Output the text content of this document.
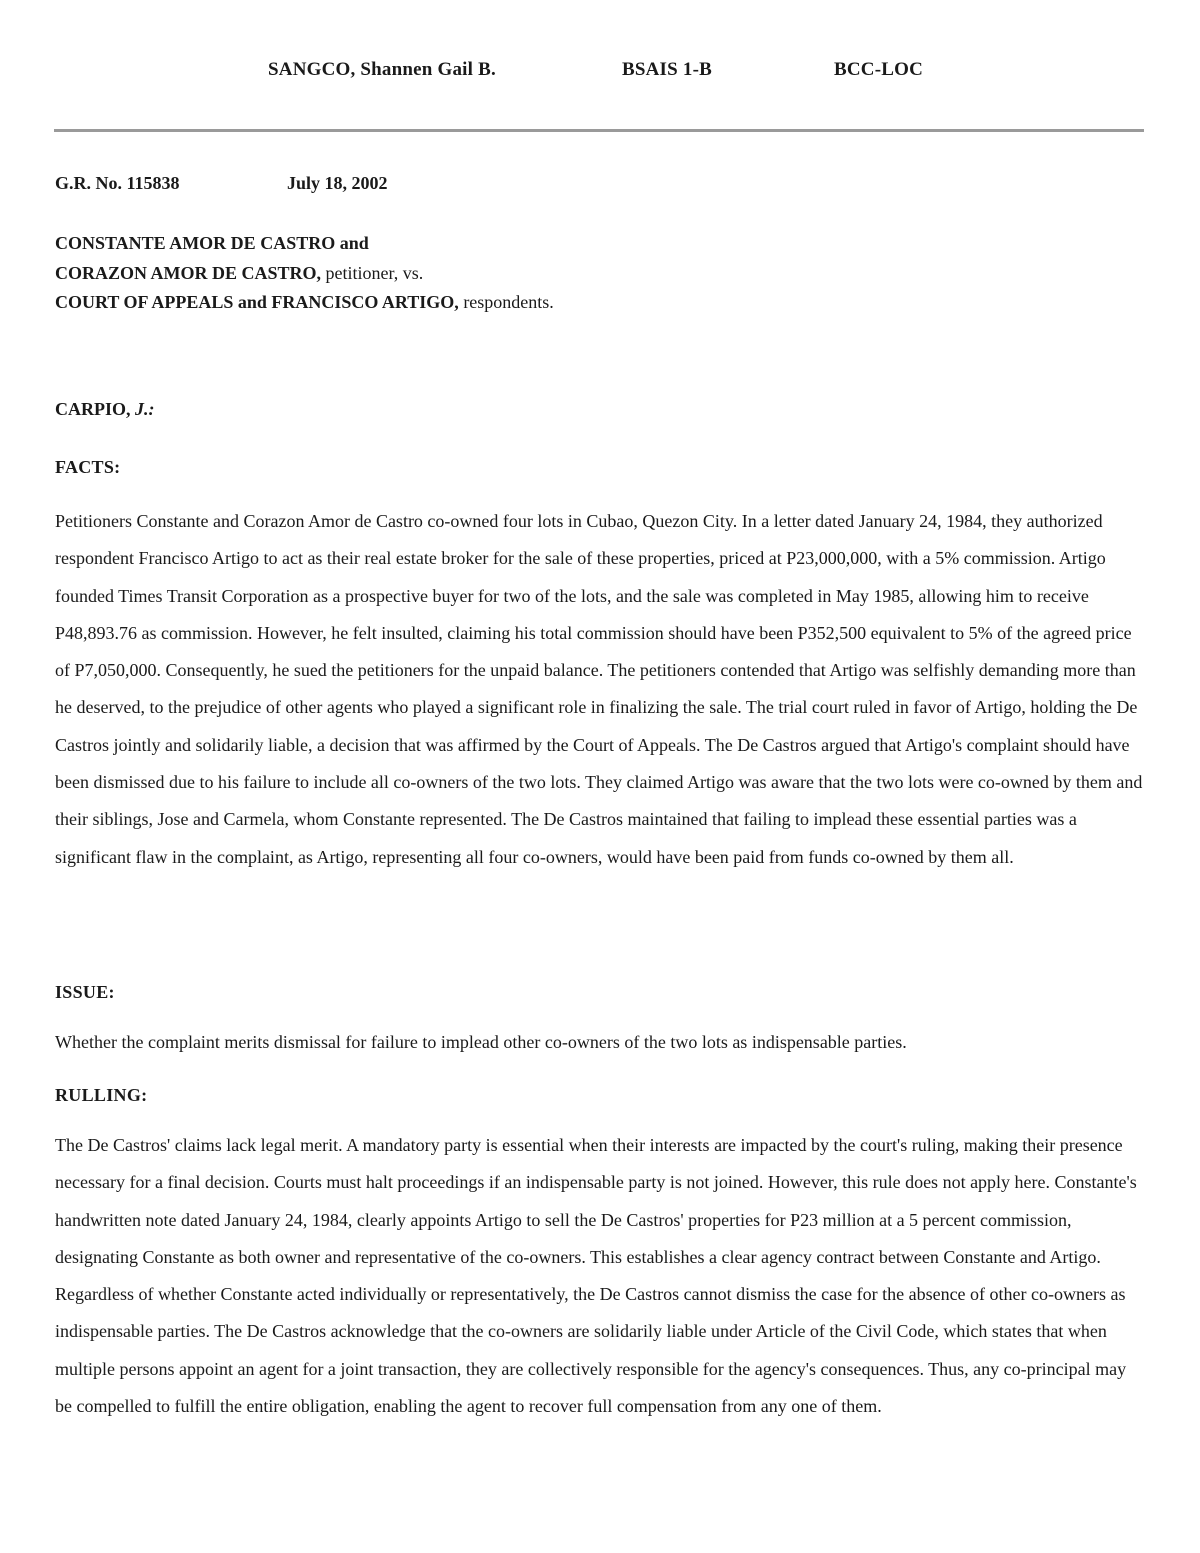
SANGCO, Shannen Gail B.	BSAIS 1-B	BCC-LOC
G.R. No. 115838	July 18, 2002
CONSTANTE AMOR DE CASTRO and
CORAZON AMOR DE CASTRO, petitioner, vs.
COURT OF APPEALS and FRANCISCO ARTIGO, respondents.
CARPIO, J.:
FACTS:
Petitioners Constante and Corazon Amor de Castro co-owned four lots in Cubao, Quezon City. In a letter dated January 24, 1984, they authorized respondent Francisco Artigo to act as their real estate broker for the sale of these properties, priced at P23,000,000, with a 5% commission. Artigo founded Times Transit Corporation as a prospective buyer for two of the lots, and the sale was completed in May 1985, allowing him to receive P48,893.76 as commission. However, he felt insulted, claiming his total commission should have been P352,500 equivalent to 5% of the agreed price of P7,050,000. Consequently, he sued the petitioners for the unpaid balance. The petitioners contended that Artigo was selfishly demanding more than he deserved, to the prejudice of other agents who played a significant role in finalizing the sale. The trial court ruled in favor of Artigo, holding the De Castros jointly and solidarily liable, a decision that was affirmed by the Court of Appeals. The De Castros argued that Artigo's complaint should have been dismissed due to his failure to include all co-owners of the two lots. They claimed Artigo was aware that the two lots were co-owned by them and their siblings, Jose and Carmela, whom Constante represented. The De Castros maintained that failing to implead these essential parties was a significant flaw in the complaint, as Artigo, representing all four co-owners, would have been paid from funds co-owned by them all.
ISSUE:
Whether the complaint merits dismissal for failure to implead other co-owners of the two lots as indispensable parties.
RULLING:
The De Castros' claims lack legal merit. A mandatory party is essential when their interests are impacted by the court's ruling, making their presence necessary for a final decision. Courts must halt proceedings if an indispensable party is not joined. However, this rule does not apply here. Constante's handwritten note dated January 24, 1984, clearly appoints Artigo to sell the De Castros' properties for P23 million at a 5 percent commission, designating Constante as both owner and representative of the co-owners. This establishes a clear agency contract between Constante and Artigo. Regardless of whether Constante acted individually or representatively, the De Castros cannot dismiss the case for the absence of other co-owners as indispensable parties. The De Castros acknowledge that the co-owners are solidarily liable under Article of the Civil Code, which states that when multiple persons appoint an agent for a joint transaction, they are collectively responsible for the agency's consequences. Thus, any co-principal may be compelled to fulfill the entire obligation, enabling the agent to recover full compensation from any one of them.
